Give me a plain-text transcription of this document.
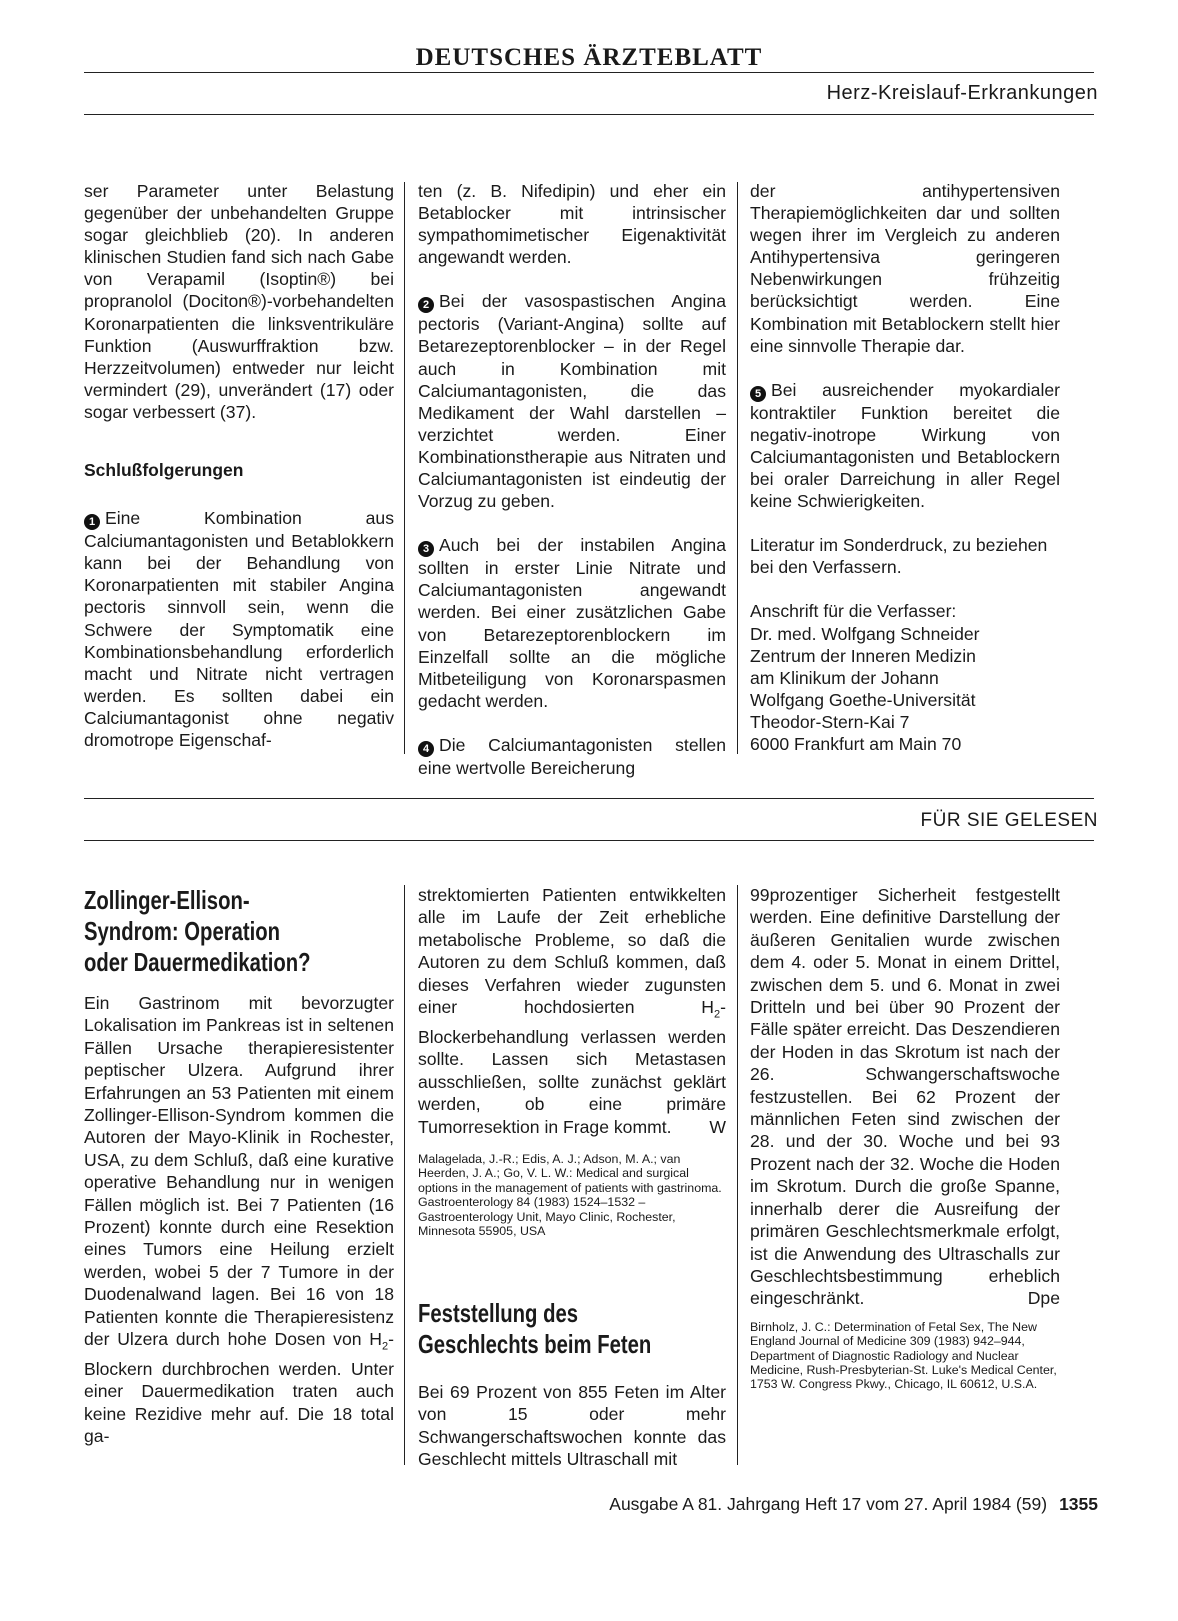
DEUTSCHES ÄRZTEBLATT
Herz-Kreislauf-Erkrankungen

ser Parameter unter Belastung gegenüber der unbehandelten Gruppe sogar gleichblieb (20). In anderen klinischen Studien fand sich nach Gabe von Verapamil (Isoptin®) bei propranolol (Dociton®)-vorbehandelten Koronarpatienten die linksventrikuläre Funktion (Auswurffraktion bzw. Herzzeitvolumen) entweder nur leicht vermindert (29), unverändert (17) oder sogar verbessert (37).

Schlußfolgerungen

1 Eine Kombination aus Calciumantagonisten und Betablokkern kann bei der Behandlung von Koronarpatienten mit stabiler Angina pectoris sinnvoll sein, wenn die Schwere der Symptomatik eine Kombinationsbehandlung erforderlich macht und Nitrate nicht vertragen werden. Es sollten dabei ein Calciumantagonist ohne negativ dromotrope Eigenschaf-

ten (z. B. Nifedipin) und eher ein Betablocker mit intrinsischer sympathomimetischer Eigenaktivität angewandt werden.

2 Bei der vasospastischen Angina pectoris (Variant-Angina) sollte auf Betarezeptorenblocker – in der Regel auch in Kombination mit Calciumantagonisten, die das Medikament der Wahl darstellen – verzichtet werden. Einer Kombinationstherapie aus Nitraten und Calciumantagonisten ist eindeutig der Vorzug zu geben.

3 Auch bei der instabilen Angina sollten in erster Linie Nitrate und Calciumantagonisten angewandt werden. Bei einer zusätzlichen Gabe von Betarezeptorenblockern im Einzelfall sollte an die mögliche Mitbeteiligung von Koronarspasmen gedacht werden.

4 Die Calciumantagonisten stellen eine wertvolle Bereicherung

der antihypertensiven Therapiemöglichkeiten dar und sollten wegen ihrer im Vergleich zu anderen Antihypertensiva geringeren Nebenwirkungen frühzeitig berücksichtigt werden. Eine Kombination mit Betablockern stellt hier eine sinnvolle Therapie dar.

5 Bei ausreichender myokardialer kontraktiler Funktion bereitet die negativ-inotrope Wirkung von Calciumantagonisten und Betablockern bei oraler Darreichung in aller Regel keine Schwierigkeiten.

Literatur im Sonderdruck, zu beziehen bei den Verfassern.

Anschrift für die Verfasser:
Dr. med. Wolfgang Schneider
Zentrum der Inneren Medizin
am Klinikum der Johann
Wolfgang Goethe-Universität
Theodor-Stern-Kai 7
6000 Frankfurt am Main 70
FÜR SIE GELESEN
Zollinger-Ellison-
Syndrom: Operation
oder Dauermedikation?

Ein Gastrinom mit bevorzugter Lokalisation im Pankreas ist in seltenen Fällen Ursache therapieresistenter peptischer Ulzera. Aufgrund ihrer Erfahrungen an 53 Patienten mit einem Zollinger-Ellison-Syndrom kommen die Autoren der Mayo-Klinik in Rochester, USA, zu dem Schluß, daß eine kurative operative Behandlung nur in wenigen Fällen möglich ist. Bei 7 Patienten (16 Prozent) konnte durch eine Resektion eines Tumors eine Heilung erzielt werden, wobei 5 der 7 Tumore in der Duodenalwand lagen. Bei 16 von 18 Patienten konnte die Therapieresistenz der Ulzera durch hohe Dosen von $H_2$-Blockern durchbrochen werden. Unter einer Dauermedikation traten auch keine Rezidive mehr auf. Die 18 total ga-

strektomierten Patienten entwikkelten alle im Laufe der Zeit erhebliche metabolische Probleme, so daß die Autoren zu dem Schluß kommen, daß dieses Verfahren wieder zugunsten einer hochdosierten $H_2$-Blockerbehandlung verlassen werden sollte. Lassen sich Metastasen ausschließen, sollte zunächst geklärt werden, ob eine primäre Tumorresektion in Frage kommt. W

Malagelada, J.-R.; Edis, A. J.; Adson, M. A.; van Heerden, J. A.; Go, V. L. W.: Medical and surgical options in the management of patients with gastrinoma. Gastroenterology 84 (1983) 1524–1532 – Gastroenterology Unit, Mayo Clinic, Rochester, Minnesota 55905, USA

Feststellung des
Geschlechts beim Feten

Bei 69 Prozent von 855 Feten im Alter von 15 oder mehr Schwangerschaftswochen konnte das Geschlecht mittels Ultraschall mit

99prozentiger Sicherheit festgestellt werden. Eine definitive Darstellung der äußeren Genitalien wurde zwischen dem 4. oder 5. Monat in einem Drittel, zwischen dem 5. und 6. Monat in zwei Dritteln und bei über 90 Prozent der Fälle später erreicht. Das Deszendieren der Hoden in das Skrotum ist nach der 26. Schwangerschaftswoche festzustellen. Bei 62 Prozent der männlichen Feten sind zwischen der 28. und der 30. Woche und bei 93 Prozent nach der 32. Woche die Hoden im Skrotum. Durch die große Spanne, innerhalb derer die Ausreifung der primären Geschlechtsmerkmale erfolgt, ist die Anwendung des Ultraschalls zur Geschlechtsbestimmung erheblich eingeschränkt.	Dpe

Birnholz, J. C.: Determination of Fetal Sex, The New England Journal of Medicine 309 (1983) 942–944, Department of Diagnostic Radiology and Nuclear Medicine, Rush-Presbyterian-St. Luke's Medical Center, 1753 W. Congress Pkwy., Chicago, IL 60612, U.S.A.

Ausgabe A 81. Jahrgang Heft 17 vom 27. April 1984 (59) 1355
